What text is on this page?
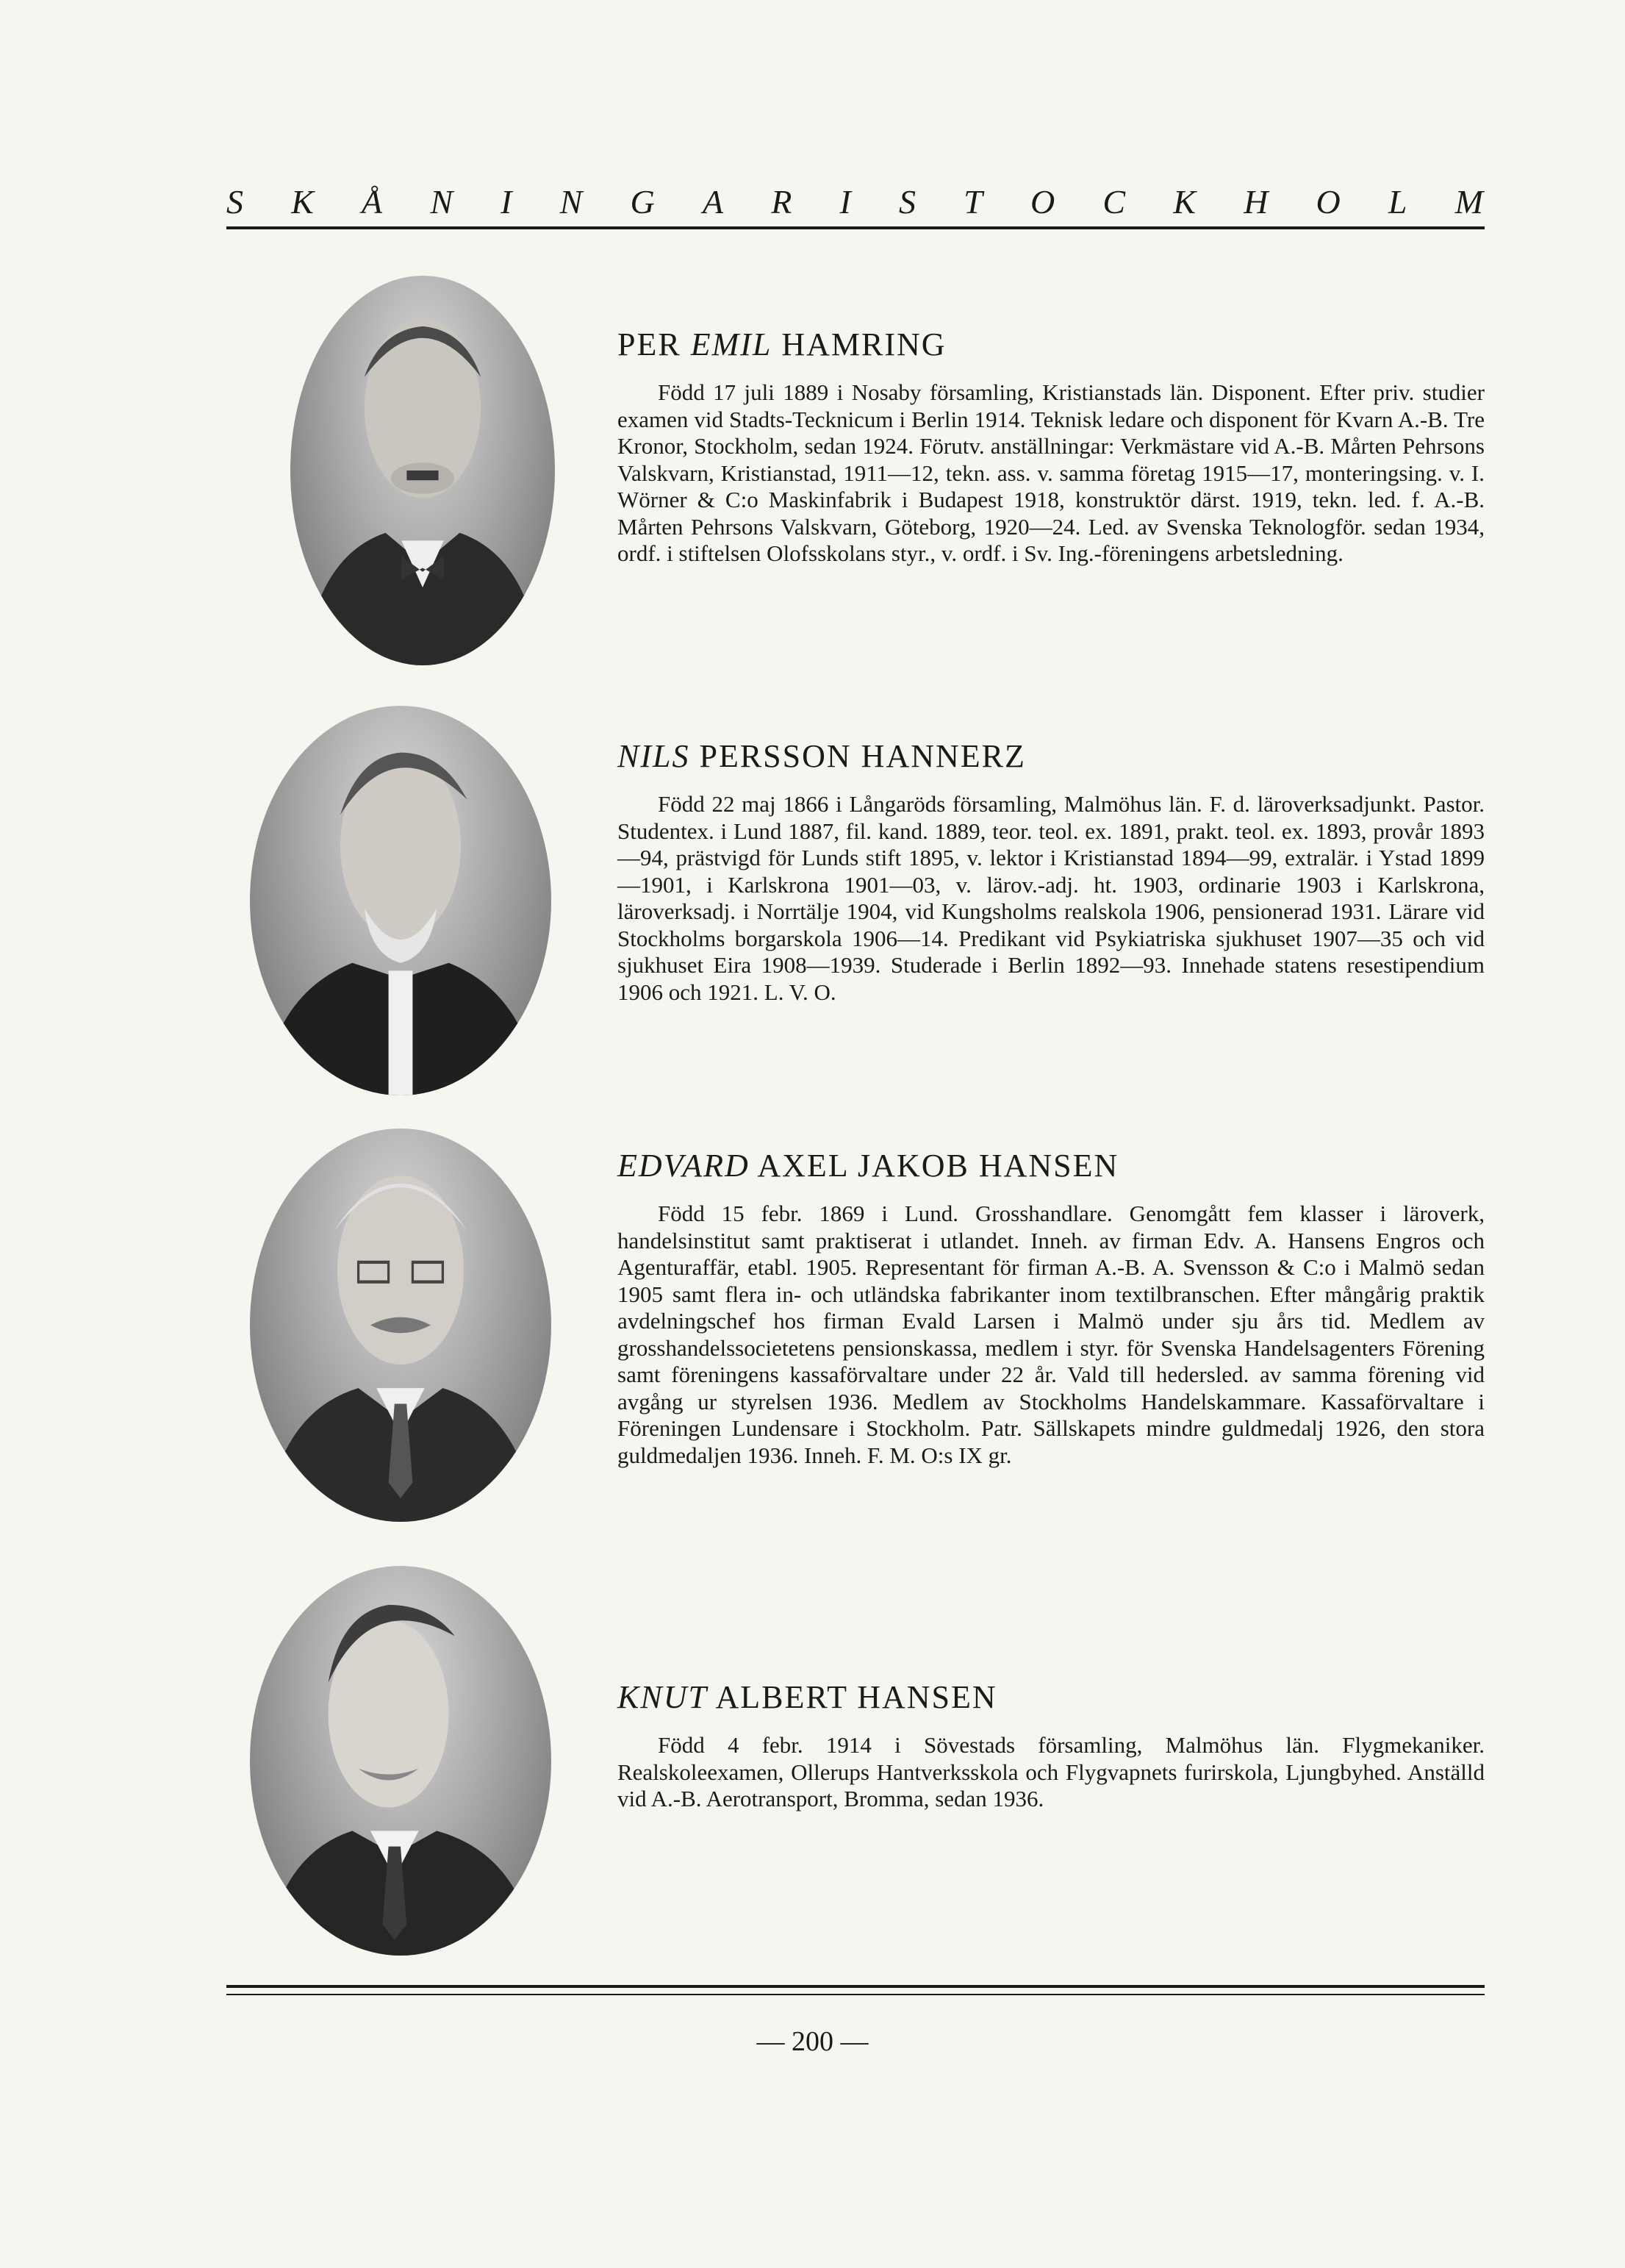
S K Å N I N G A R I S T O C K H O L M
PER EMIL HAMRING

Född 17 juli 1889 i Nosaby församling, Kristianstads län. Disponent. Efter priv. studier examen vid Stadts-Tecknicum i Berlin 1914. Teknisk ledare och disponent för Kvarn A.-B. Tre Kronor, Stockholm, sedan 1924. Förutv. anställningar: Verkmästare vid A.-B. Mårten Pehrsons Valskvarn, Kristianstad, 1911—12, tekn. ass. v. samma företag 1915—17, monteringsing. v. I. Wörner & C:o Maskinfabrik i Budapest 1918, konstruktör därst. 1919, tekn. led. f. A.-B. Mårten Pehrsons Valskvarn, Göteborg, 1920—24. Led. av Svenska Teknologför. sedan 1934, ordf. i stiftelsen Olofsskolans styr., v. ordf. i Sv. Ing.-föreningens arbetsledning.

NILS PERSSON HANNERZ

Född 22 maj 1866 i Långaröds församling, Malmöhus län. F. d. läroverksadjunkt. Pastor. Studentex. i Lund 1887, fil. kand. 1889, teor. teol. ex. 1891, prakt. teol. ex. 1893, provår 1893—94, prästvigd för Lunds stift 1895, v. lektor i Kristianstad 1894—99, extralär. i Ystad 1899—1901, i Karlskrona 1901—03, v. lärov.-adj. ht. 1903, ordinarie 1903 i Karlskrona, läroverksadj. i Norrtälje 1904, vid Kungsholms realskola 1906, pensionerad 1931. Lärare vid Stockholms borgarskola 1906—14. Predikant vid Psykiatriska sjukhuset 1907—35 och vid sjukhuset Eira 1908—1939. Studerade i Berlin 1892—93. Innehade statens resestipendium 1906 och 1921. L. V. O.

EDVARD AXEL JAKOB HANSEN

Född 15 febr. 1869 i Lund. Grosshandlare. Genomgått fem klasser i läroverk, handelsinstitut samt praktiserat i utlandet. Inneh. av firman Edv. A. Hansens Engros och Agenturaffär, etabl. 1905. Representant för firman A.-B. A. Svensson & C:o i Malmö sedan 1905 samt flera in- och utländska fabrikanter inom textilbranschen. Efter mångårig praktik avdelningschef hos firman Evald Larsen i Malmö under sju års tid. Medlem av grosshandelssocietetens pensionskassa, medlem i styr. för Svenska Handelsagenters Förening samt föreningens kassaförvaltare under 22 år. Vald till hedersled. av samma förening vid avgång ur styrelsen 1936. Medlem av Stockholms Handelskammare. Kassaförvaltare i Föreningen Lundensare i Stockholm. Patr. Sällskapets mindre guldmedalj 1926, den stora guldmedaljen 1936. Inneh. F. M. O:s IX gr.

KNUT ALBERT HANSEN

Född 4 febr. 1914 i Sövestads församling, Malmöhus län. Flygmekaniker. Realskoleexamen, Ollerups Hantverksskola och Flygvapnets furirskola, Ljungbyhed. Anställd vid A.-B. Aerotransport, Bromma, sedan 1936.

— 200 —
